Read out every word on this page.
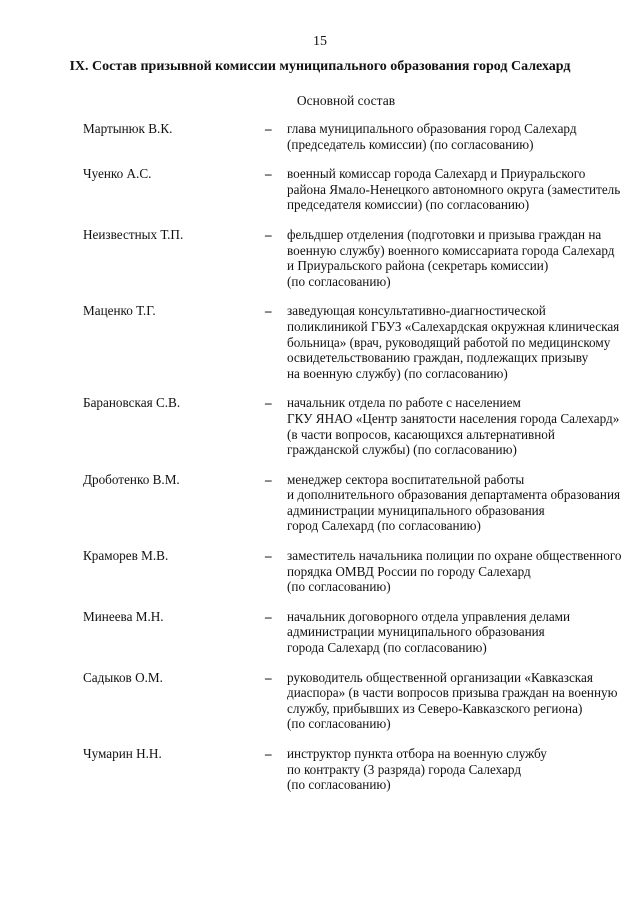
15
IX. Состав призывной комиссии муниципального образования город Салехард
Основной состав
Мартынюк В.К.	–	глава муниципального образования город Салехард
(председатель комиссии) (по согласованию)
Чуенко А.С.	–	военный комиссар города Салехард и Приуральского
района Ямало-Ненецкого автономного округа (заместитель
председателя комиссии) (по согласованию)
Неизвестных Т.П.	–	фельдшер отделения (подготовки и призыва граждан на
военную службу) военного комиссариата города Салехард
и Приуральского района (секретарь комиссии)
(по согласованию)
Маценко Т.Г.	–	заведующая консультативно-диагностической
поликлиникой ГБУЗ «Салехардская окружная клиническая
больница» (врач, руководящий работой по медицинскому
освидетельствованию граждан, подлежащих призыву
на военную службу) (по согласованию)
Барановская С.В.	–	начальник отдела по работе с населением
ГКУ ЯНАО «Центр занятости населения города Салехард»
(в части вопросов, касающихся альтернативной
гражданской службы) (по согласованию)
Дроботенко В.М.	–	менеджер сектора воспитательной работы
и дополнительного образования департамента образования
администрации муниципального образования
город Салехард (по согласованию)
Краморев М.В.	–	заместитель начальника полиции по охране общественного
порядка ОМВД России по городу Салехард
(по согласованию)
Минеева М.Н.	–	начальник договорного отдела управления делами
администрации муниципального образования
города Салехард (по согласованию)
Садыков О.М.	–	руководитель общественной организации «Кавказская
диаспора» (в части вопросов призыва граждан на военную
службу, прибывших из Северо-Кавказского региона)
(по согласованию)
Чумарин Н.Н.	–	инструктор пункта отбора на военную службу
по контракту (3 разряда) города Салехард
(по согласованию)
